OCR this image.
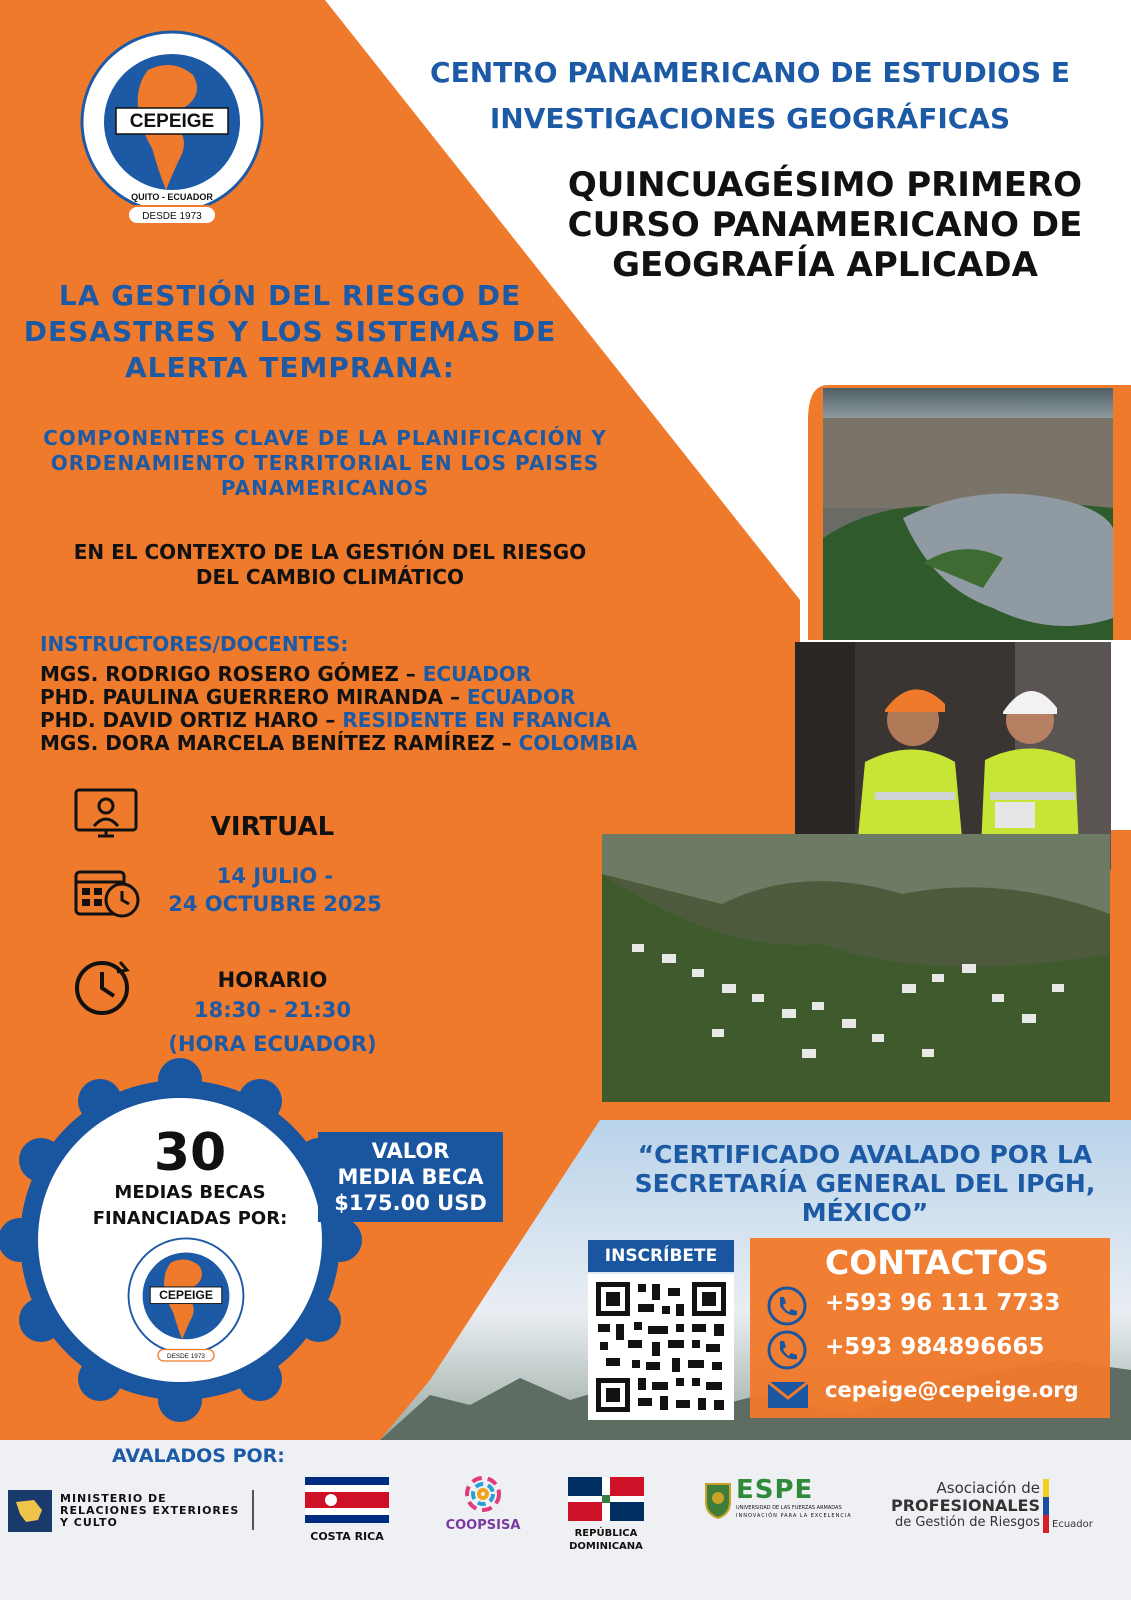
CEPEIGE
QUITO - ECUADOR
DESDE 1973
CENTRO PANAMERICANO DE ESTUDIOS E INVESTIGACIONES GEOGRÁFICAS
QUINCUAGÉSIMO PRIMERO CURSO PANAMERICANO DE GEOGRAFÍA APLICADA
LA GESTIÓN DEL RIESGO DE DESASTRES Y LOS SISTEMAS DE ALERTA TEMPRANA:
COMPONENTES CLAVE DE LA PLANIFICACIÓN Y ORDENAMIENTO TERRITORIAL EN LOS PAISES PANAMERICANOS
EN EL CONTEXTO DE LA GESTIÓN DEL RIESGO DEL CAMBIO CLIMÁTICO
INSTRUCTORES/DOCENTES:
MGS. RODRIGO ROSERO GÓMEZ – ECUADOR
PHD. PAULINA GUERRERO MIRANDA – ECUADOR
PHD. DAVID ORTIZ HARO – RESIDENTE EN FRANCIA
MGS. DORA MARCELA BENÍTEZ RAMÍREZ – COLOMBIA
VIRTUAL
14 JULIO -
24 OCTUBRE 2025
HORARIO
18:30 - 21:30
(HORA ECUADOR)
30
MEDIAS BECAS
FINANCIADAS POR:
CEPEIGE
DESDE 1973
VALOR
MEDIA BECA
$175.00 USD
“CERTIFICADO AVALADO POR LA SECRETARÍA GENERAL DEL IPGH, MÉXICO”
INSCRÍBETE	CONTACTOS
+593 96 111 7733
+593 984896665
cepeige@cepeige.org
AVALADOS POR:
MINISTERIO DE
RELACIONES EXTERIORES
Y CULTO
COSTA RICA
COOPSISA
REPÚBLICA
DOMINICANA
ESPE
UNIVERSIDAD DE LAS FUERZAS ARMADAS
INNOVACIÓN PARA LA EXCELENCIA
Asociación de
PROFESIONALES
de Gestión de Riesgos Ecuador
